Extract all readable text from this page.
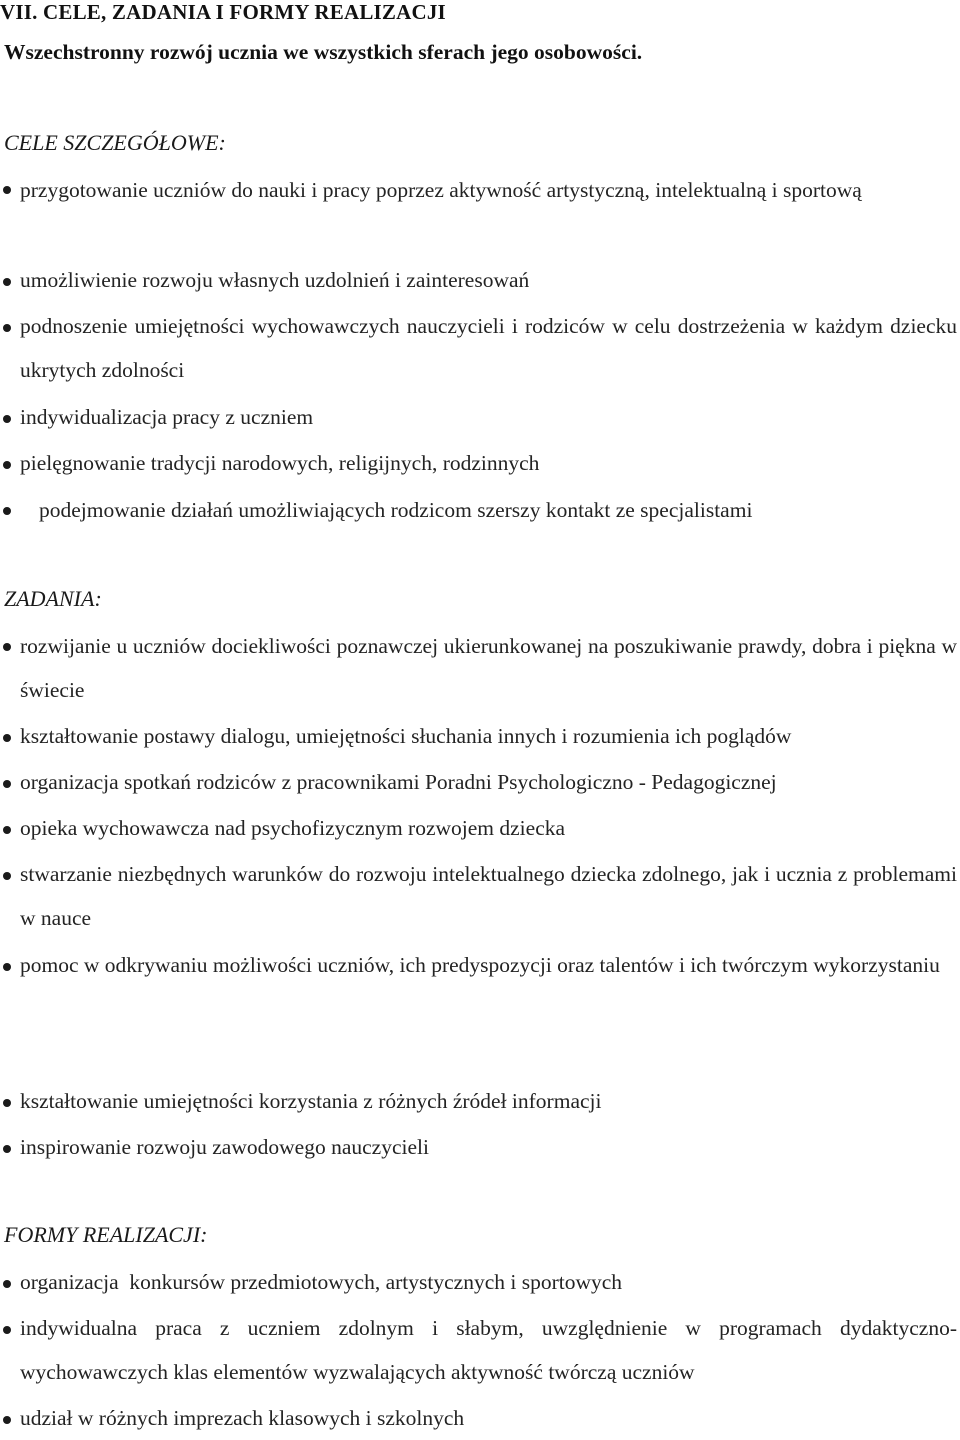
VII. CELE, ZADANIA I FORMY REALIZACJI
Wszechstronny rozwój ucznia we wszystkich sferach jego osobowości.
CELE SZCZEGÓŁOWE:
przygotowanie uczniów do nauki i pracy poprzez aktywność artystyczną, intelektualną i sportową
umożliwienie rozwoju własnych uzdolnień i zainteresowań
podnoszenie umiejętności wychowawczych nauczycieli i rodziców w celu dostrzeżenia w każdym dziecku ukrytych zdolności
indywidualizacja pracy z uczniem
pielęgnowanie tradycji narodowych, religijnych, rodzinnych
podejmowanie działań umożliwiających rodzicom szerszy kontakt ze specjalistami
ZADANIA:
rozwijanie u uczniów dociekliwości poznawczej ukierunkowanej na poszukiwanie prawdy, dobra i piękna w świecie
kształtowanie postawy dialogu, umiejętności słuchania innych i rozumienia ich poglądów
organizacja spotkań rodziców z pracownikami Poradni Psychologiczno - Pedagogicznej
opieka wychowawcza nad psychofizycznym rozwojem dziecka
stwarzanie niezbędnych warunków do rozwoju intelektualnego dziecka zdolnego, jak i ucznia z problemami w nauce
pomoc w odkrywaniu możliwości uczniów, ich predyspozycji oraz talentów i ich twórczym wykorzystaniu
kształtowanie umiejętności korzystania z różnych źródeł informacji
inspirowanie rozwoju zawodowego nauczycieli
FORMY REALIZACJI:
organizacja  konkursów przedmiotowych, artystycznych i sportowych
indywidualna praca z uczniem zdolnym i słabym, uwzględnienie w programach dydaktyczno-wychowawczych klas elementów wyzwalających aktywność twórczą uczniów
udział w różnych imprezach klasowych i szkolnych
